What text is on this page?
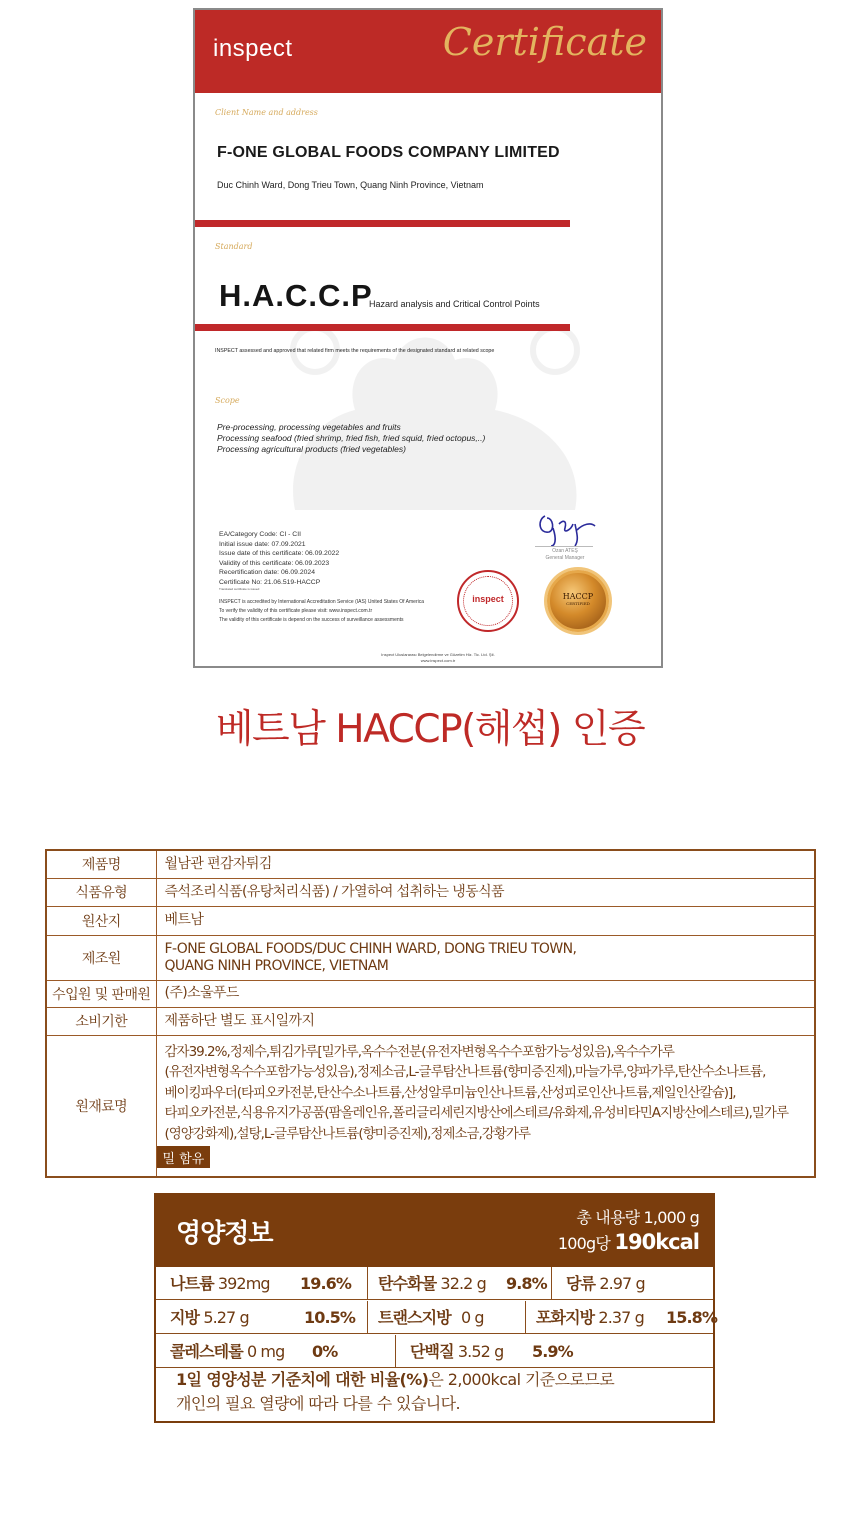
inspect	Certificate
Client Name and address
F-ONE GLOBAL FOODS COMPANY LIMITED
Duc Chinh Ward, Dong Trieu Town, Quang Ninh Province, Vietnam
Standard
H.A.C.C.P
Hazard analysis and Critical Control Points
INSPECT assessed and approved that related firm meets the requirements of the designated standard at related scope
Scope
Pre-processing, processing vegetables and fruits
Processing seafood (fried shrimp, fried fish, fried squid, fried octopus,..)
Processing agricultural products (fried vegetables)
EA/Category Code: CI - CII
Initial issue date: 07.09.2021
Issue date of this certificate: 06.09.2022
Validity of this certificate: 06.09.2023
Recertification date: 06.09.2024
Certificate No: 21.06.519-HACCP
Translated certificate is issued
INSPECT is accredited by International Accreditation Service (IAS) United States Of America
To verify the validity of this certificate please visit: www.inspect.com.tr
The validity of this certificate is depend on the success of surveillance assessments
Ozan ATEŞ
General Manager
inspect	HACCP
CERTIFIED
Inspect Uluslararası Belgelendirme ve Gözetim Hiz. Tic. Ltd. Şti.
www.inspect.com.tr
베트남 HACCP(해썹) 인증
제품명	월남관 편감자튀김
식품유형	즉석조리식품(유탕처리식품) / 가열하여 섭취하는 냉동식품
원산지	베트남
제조원	F-ONE GLOBAL FOODS/DUC CHINH WARD, DONG TRIEU TOWN,
QUANG NINH PROVINCE, VIETNAM

수입원 및 판매원	(주)소울푸드
소비기한	제품하단 별도 표시일까지
원재료명	감자39.2%,정제수,튀김가루[밀가루,옥수수전분(유전자변형옥수수포함가능성있음),옥수수가루(유전자변형옥수수포함가능성있음),정제소금,L-글루탐산나트륨(향미증진제),마늘가루,양파가루,탄산수소나트륨,베이킹파우더(타피오카전분,탄산수소나트륨,산성알루미늄인산나트륨,산성피로인산나트륨,제일인산칼슘)],타피오카전분,식용유지가공품(팜올레인유,폴리글리세린지방산에스테르/유화제,유성비타민A지방산에스테르),밀가루(영양강화제),설탕,L-글루탐산나트륨(향미증진제),정제소금,강황가루
밀 함유
영양정보
총 내용량 1,000 g
100g당 190kcal
나트륨 392mg 19.6%	탄수화물 32.2 g 9.8%	당류 2.97 g
지방 5.27 g	10.5%	트랜스지방 0 g	포화지방 2.37 g 15.8%
콜레스테롤 0 mg 0%	단백질 3.52 g 5.9%
1일 영양성분 기준치에 대한 비율(%)은 2,000kcal 기준으로므로
개인의 필요 열량에 따라 다를 수 있습니다.
